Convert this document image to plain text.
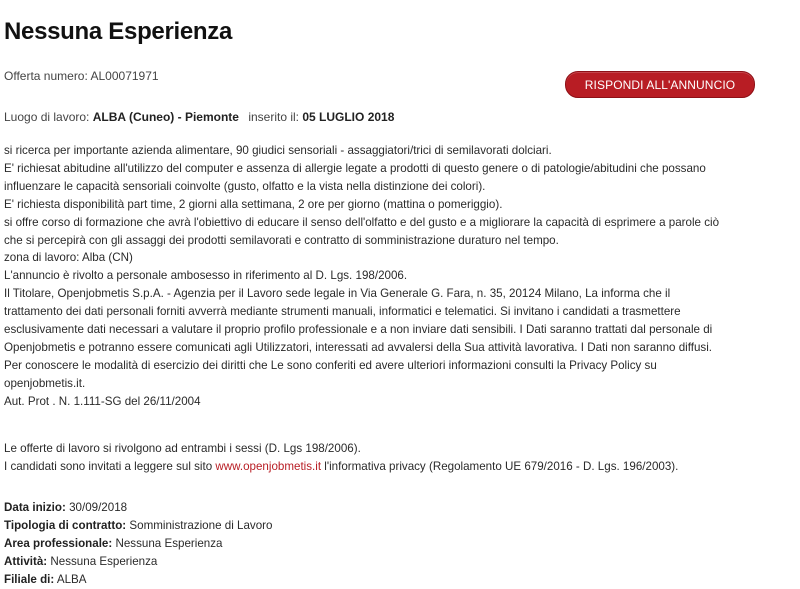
Nessuna Esperienza
Offerta numero: AL00071971
RISPONDI ALL'ANNUNCIO
Luogo di lavoro: ALBA (Cuneo) - Piemonte inserito il: 05 LUGLIO 2018
si ricerca per importante azienda alimentare, 90 giudici sensoriali - assaggiatori/trici di semilavorati dolciari.
E' richiesat abitudine all'utilizzo del computer e assenza di allergie legate a prodotti di questo genere o di patologie/abitudini che possano
influenzare le capacità sensoriali coinvolte (gusto, olfatto e la vista nella distinzione dei colori).
E' richiesta disponibilità part time, 2 giorni alla settimana, 2 ore per giorno (mattina o pomeriggio).
si offre corso di formazione che avrà l'obiettivo di educare il senso dell'olfatto e del gusto e a migliorare la capacità di esprimere a parole ciò
che si percepirà con gli assaggi dei prodotti semilavorati e contratto di somministrazione duraturo nel tempo.
zona di lavoro: Alba (CN)
L'annuncio è rivolto a personale ambosesso in riferimento al D. Lgs. 198/2006.
Il Titolare, Openjobmetis S.p.A. - Agenzia per il Lavoro sede legale in Via Generale G. Fara, n. 35, 20124 Milano, La informa che il
trattamento dei dati personali forniti avverrà mediante strumenti manuali, informatici e telematici. Si invitano i candidati a trasmettere
esclusivamente dati necessari a valutare il proprio profilo professionale e a non inviare dati sensibili. I Dati saranno trattati dal personale di
Openjobmetis e potranno essere comunicati agli Utilizzatori, interessati ad avvalersi della Sua attività lavorativa. I Dati non saranno diffusi.
Per conoscere le modalità di esercizio dei diritti che Le sono conferiti ed avere ulteriori informazioni consulti la Privacy Policy su
openjobmetis.it.
Aut. Prot . N. 1.111-SG del 26/11/2004
Le offerte di lavoro si rivolgono ad entrambi i sessi (D. Lgs 198/2006).
I candidati sono invitati a leggere sul sito www.openjobmetis.it l'informativa privacy (Regolamento UE 679/2016 - D. Lgs. 196/2003).
Data inizio: 30/09/2018
Tipologia di contratto: Somministrazione di Lavoro
Area professionale: Nessuna Esperienza
Attività: Nessuna Esperienza
Filiale di: ALBA
